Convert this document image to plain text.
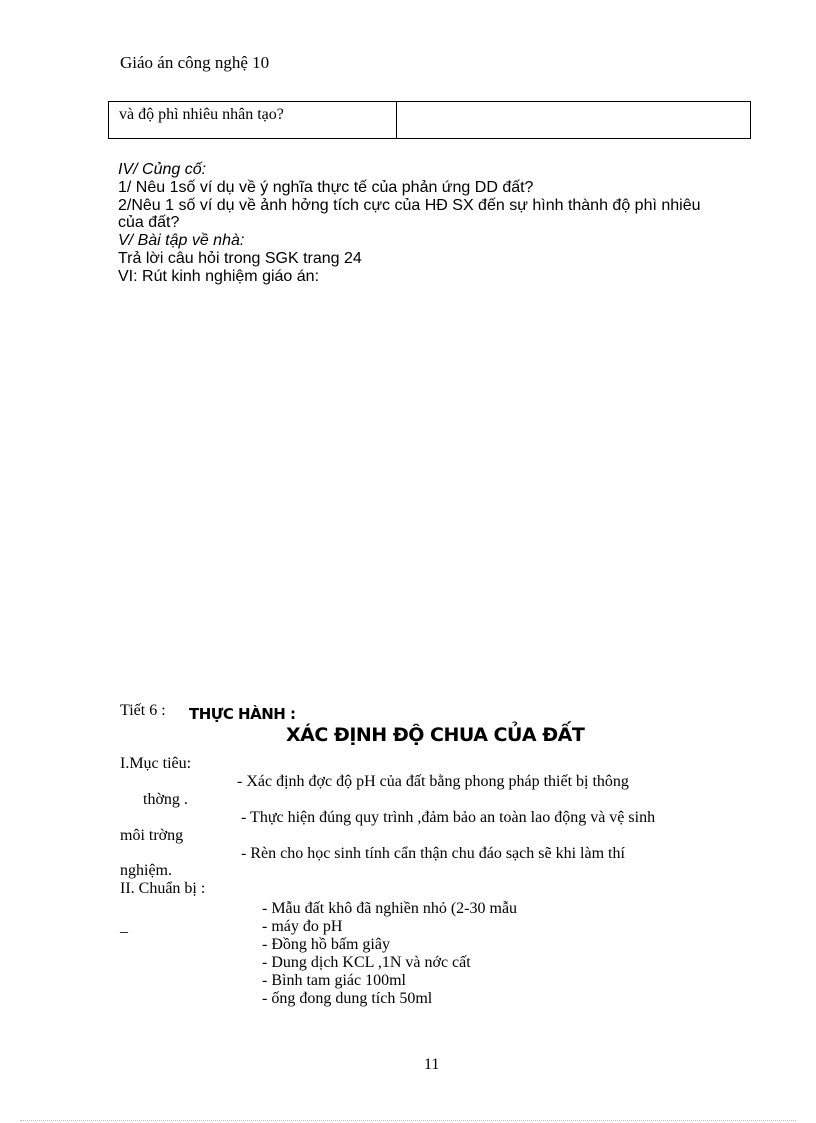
Giáo án công nghệ 10
và độ phì nhiêu nhân tạo?
IV/ Củng cố:
1/ Nêu 1số ví dụ về ý nghĩa thực tế của phản ứng DD đất?
2/Nêu 1 số ví dụ về ảnh hởng tích cực của HĐ SX đến sự hình thành độ phì nhiêu
của đất?
V/ Bài tập về nhà:
Trả lời câu hỏi trong SGK trang 24
VI: Rút kinh nghiệm giáo án:
Tiết 6 : THỰC HÀNH :
XÁC ĐỊNH ĐỘ CHUA CỦA ĐẤT
I.Mục tiêu:
- Xác định đợc độ pH của đất bằng phong pháp thiết bị thông
thờng .
- Thực hiện đúng quy trình ,đảm bảo an toàn lao động và vệ sinh
môi trờng
- Rèn cho học sinh tính cẩn thận chu đáo sạch sẽ khi làm thí
nghiệm.
II. Chuẩn bị :
_
- Mẫu đất khô đã nghiền nhỏ (2-30 mẫu
- máy đo pH
- Đồng hồ bấm giây
- Dung dịch KCL ,1N và nớc cất
- Bình tam giác 100ml
- ống đong dung tích 50ml
11
